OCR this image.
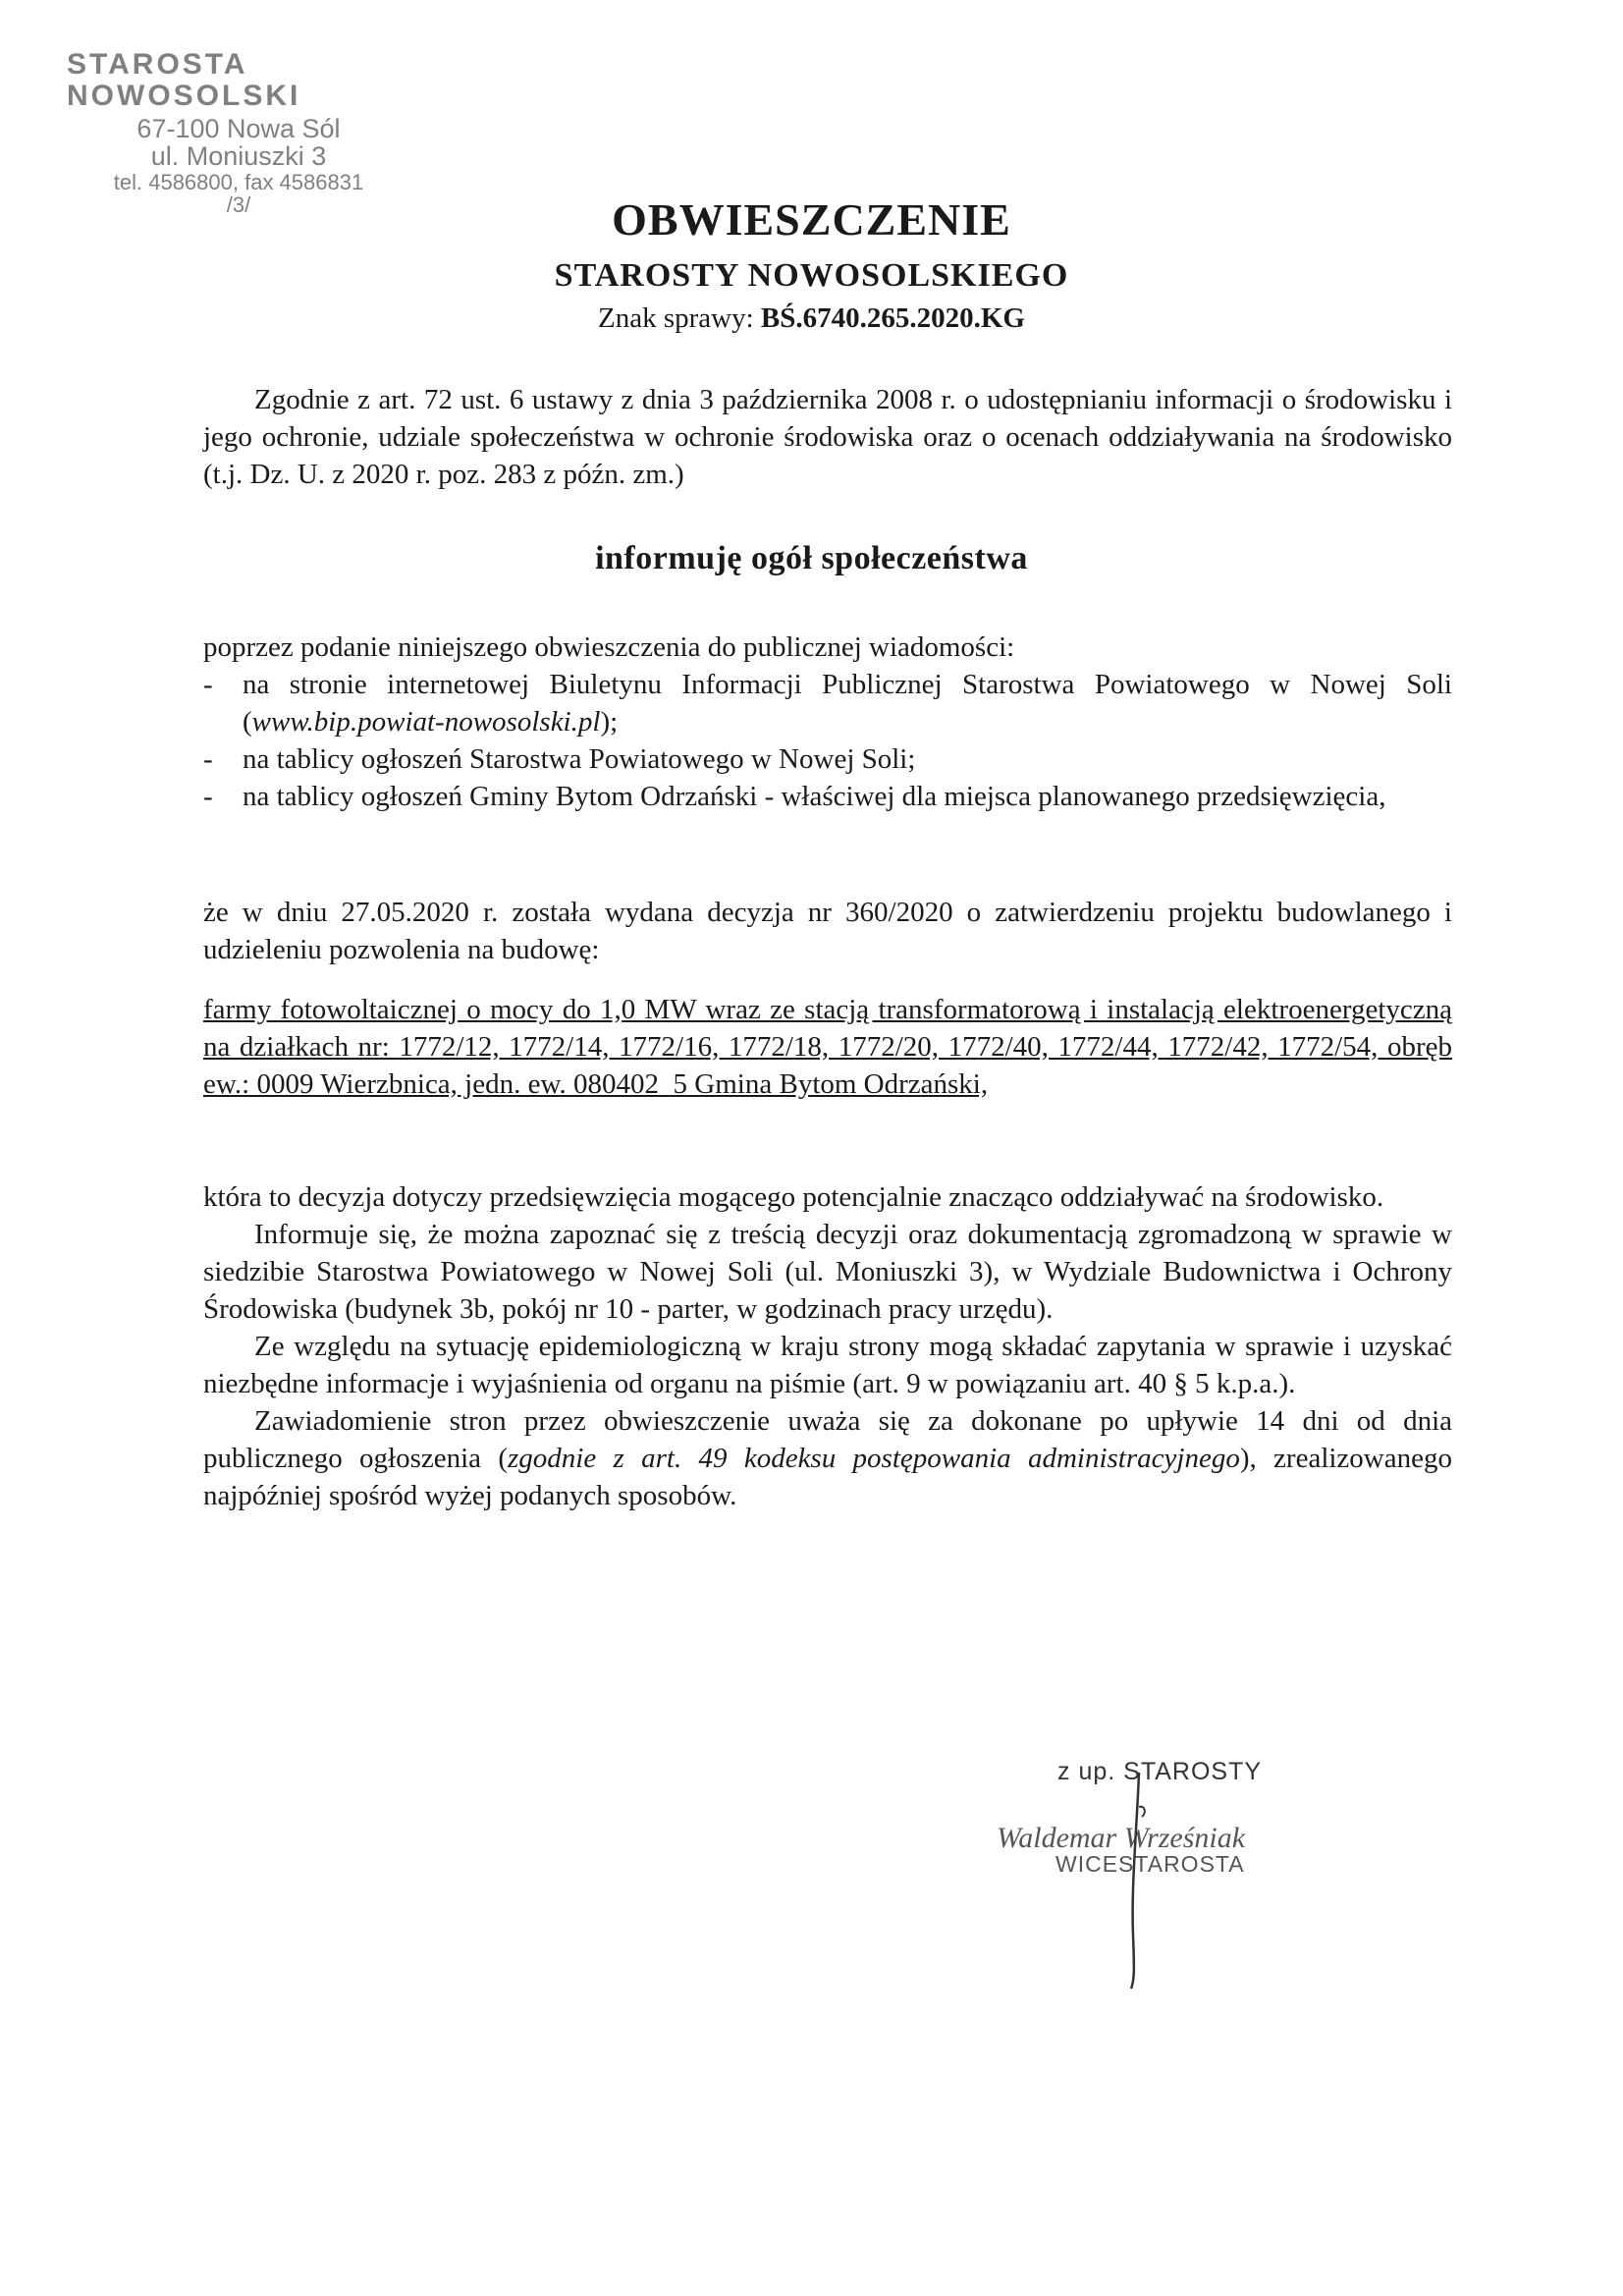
STAROSTA NOWOSOLSKI
67-100 Nowa Sól
ul. Moniuszki 3
tel. 4586800, fax 4586831
/3/	OBWIESZCZENIE
STAROSTY NOWOSOLSKIEGO
Znak sprawy: BŚ.6740.265.2020.KG
Zgodnie z art. 72 ust. 6 ustawy z dnia 3 października 2008 r. o udostępnianiu informacji o środowisku i jego ochronie, udziale społeczeństwa w ochronie środowiska oraz o ocenach oddziaływania na środowisko (t.j. Dz. U. z 2020 r. poz. 283 z późn. zm.)
informuję ogół społeczeństwa
poprzez podanie niniejszego obwieszczenia do publicznej wiadomości:
- na stronie internetowej Biuletynu Informacji Publicznej Starostwa Powiatowego w Nowej Soli (www.bip.powiat-nowosolski.pl);
- na tablicy ogłoszeń Starostwa Powiatowego w Nowej Soli;
- na tablicy ogłoszeń Gminy Bytom Odrzański - właściwej dla miejsca planowanego przedsięwzięcia,
że w dniu 27.05.2020 r. została wydana decyzja nr 360/2020 o zatwierdzeniu projektu budowlanego i udzieleniu pozwolenia na budowę:
farmy fotowoltaicznej o mocy do 1,0 MW wraz ze stacją transformatorową i instalacją elektroenergetyczną na działkach nr: 1772/12, 1772/14, 1772/16, 1772/18, 1772/20, 1772/40, 1772/44, 1772/42, 1772/54, obręb ew.: 0009 Wierzbnica, jedn. ew. 080402_5 Gmina Bytom Odrzański,

która to decyzja dotyczy przedsięwzięcia mogącego potencjalnie znacząco oddziaływać na środowisko.

Informuje się, że można zapoznać się z treścią decyzji oraz dokumentacją zgromadzoną w sprawie w siedzibie Starostwa Powiatowego w Nowej Soli (ul. Moniuszki 3), w Wydziale Budownictwa i Ochrony Środowiska (budynek 3b, pokój nr 10 - parter, w godzinach pracy urzędu).

Ze względu na sytuację epidemiologiczną w kraju strony mogą składać zapytania w sprawie i uzyskać niezbędne informacje i wyjaśnienia od organu na piśmie (art. 9 w powiązaniu art. 40 § 5 k.p.a.).

Zawiadomienie stron przez obwieszczenie uważa się za dokonane po upływie 14 dni od dnia publicznego ogłoszenia (zgodnie z art. 49 kodeksu postępowania administracyjnego), zrealizowanego najpóźniej spośród wyżej podanych sposobów.

z up. STAROSTY
Waldemar Wrześniak
WICESTAROSTA
